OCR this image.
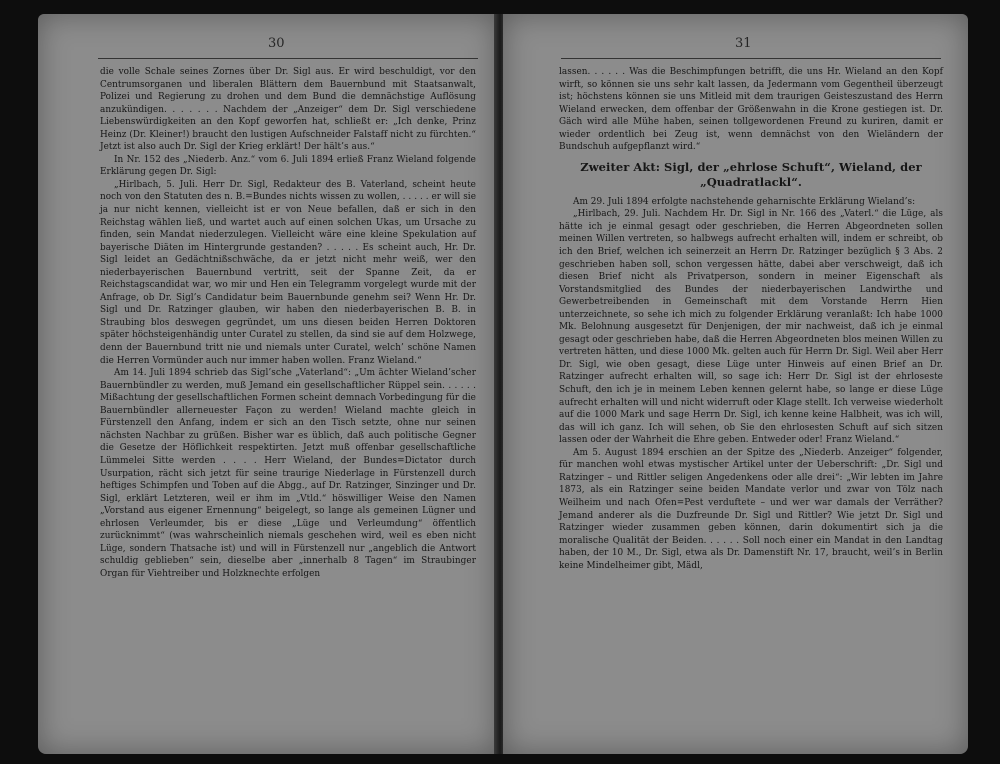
30

die volle Schale seines Zornes über Dr. Sigl aus. Er wird beschuldigt, vor den Centrumsorganen und liberalen Blättern dem Bauernbund mit Staatsanwalt, Polizei und Regierung zu drohen und dem Bund die demnächstige Auflösung anzukündigen. . . . . . . Nachdem der „Anzeiger“ dem Dr. Sigl verschiedene Liebenswürdigkeiten an den Kopf geworfen hat, schließt er: „Ich denke, Prinz Heinz (Dr. Kleiner!) braucht den lustigen Aufschneider Falstaff nicht zu fürchten.“ Jetzt ist also auch Dr. Sigl der Krieg erklärt! Der hält’s aus.“

In Nr. 152 des „Niederb. Anz.“ vom 6. Juli 1894 erließ Franz Wieland folgende Erklärung gegen Dr. Sigl:

„Hirlbach, 5. Juli. Herr Dr. Sigl, Redakteur des B. Vaterland, scheint heute noch von den Statuten des n. B.=Bundes nichts wissen zu wollen, . . . . . er will sie ja nur nicht kennen, vielleicht ist er von Neue befallen, daß er sich in den Reichstag wählen ließ, und wartet auch auf einen solchen Ukas, um Ursache zu finden, sein Mandat niederzulegen. Vielleicht wäre eine kleine Spekulation auf bayerische Diäten im Hintergrunde gestanden? . . . . . Es scheint auch, Hr. Dr. Sigl leidet an Gedächtnißschwäche, da er jetzt nicht mehr weiß, wer den niederbayerischen Bauernbund vertritt, seit der Spanne Zeit, da er Reichstagscandidat war, wo mir und Hen ein Telegramm vorgelegt wurde mit der Anfrage, ob Dr. Sigl’s Candidatur beim Bauernbunde genehm sei? Wenn Hr. Dr. Sigl und Dr. Ratzinger glauben, wir haben den niederbayerischen B. B. in Straubing blos deswegen gegründet, um uns diesen beiden Herren Doktoren später höchsteigenhändig unter Curatel zu stellen, da sind sie auf dem Holzwege, denn der Bauernbund tritt nie und niemals unter Curatel, welch’ schöne Namen die Herren Vormünder auch nur immer haben wollen. Franz Wieland.“

Am 14. Juli 1894 schrieb das Sigl’sche „Vaterland“: „Um ächter Wieland’scher Bauernbündler zu werden, muß Jemand ein gesellschaftlicher Rüppel sein. . . . . . Mißachtung der gesellschaftlichen Formen scheint demnach Vorbedingung für die Bauernbündler allerneuester Façon zu werden! Wieland machte gleich in Fürstenzell den Anfang, indem er sich an den Tisch setzte, ohne nur seinen nächsten Nachbar zu grüßen. Bisher war es üblich, daß auch politische Gegner die Gesetze der Höflichkeit respektirten. Jetzt muß offenbar gesellschaftliche Lümmelei Sitte werden . . . . Herr Wieland, der Bundes=Dictator durch Usurpation, rächt sich jetzt für seine traurige Niederlage in Fürstenzell durch heftiges Schimpfen und Toben auf die Abgg., auf Dr. Ratzinger, Sinzinger und Dr. Sigl, erklärt Letzteren, weil er ihm im „Vtld.“ höswilliger Weise den Namen „Vorstand aus eigener Ernennung“ beigelegt, so lange als gemeinen Lügner und ehrlosen Verleumder, bis er diese „Lüge und Verleumdung“ öffentlich zurücknimmt“ (was wahrscheinlich niemals geschehen wird, weil es eben nicht Lüge, sondern Thatsache ist) und will in Fürstenzell nur „angeblich die Antwort schuldig geblieben“ sein, dieselbe aber „innerhalb 8 Tagen“ im Straubinger Organ für Viehtreiber und Holzknechte erfolgen

31

lassen. . . . . . Was die Beschimpfungen betrifft, die uns Hr. Wieland an den Kopf wirft, so können sie uns sehr kalt lassen, da Jedermann vom Gegentheil überzeugt ist; höchstens können sie uns Mitleid mit dem traurigen Geisteszustand des Herrn Wieland erwecken, dem offenbar der Größenwahn in die Krone gestiegen ist. Dr. Gäch wird alle Mühe haben, seinen tollgewordenen Freund zu kuriren, damit er wieder ordentlich bei Zeug ist, wenn demnächst von den Wieländern der Bundschuh aufgepflanzt wird.“

Zweiter Akt: Sigl, der „ehrlose Schuft“, Wieland, der „Quadratlackl“.

Am 29. Juli 1894 erfolgte nachstehende geharnischte Erklärung Wieland’s:

„Hirlbach, 29. Juli. Nachdem Hr. Dr. Sigl in Nr. 166 des „Vaterl.“ die Lüge, als hätte ich je einmal gesagt oder geschrieben, die Herren Abgeordneten sollen meinen Willen vertreten, so halbwegs aufrecht erhalten will, indem er schreibt, ob ich den Brief, welchen ich seinerzeit an Herrn Dr. Ratzinger bezüglich § 3 Abs. 2 geschrieben haben soll, schon vergessen hätte, dabei aber verschweigt, daß ich diesen Brief nicht als Privatperson, sondern in meiner Eigenschaft als Vorstandsmitglied des Bundes der niederbayerischen Landwirthe und Gewerbetreibenden in Gemeinschaft mit dem Vorstande Herrn Hien unterzeichnete, so sehe ich mich zu folgender Erklärung veranlaßt: Ich habe 1000 Mk. Belohnung ausgesetzt für Denjenigen, der mir nachweist, daß ich je einmal gesagt oder geschrieben habe, daß die Herren Abgeordneten blos meinen Willen zu vertreten hätten, und diese 1000 Mk. gelten auch für Herrn Dr. Sigl. Weil aber Herr Dr. Sigl, wie oben gesagt, diese Lüge unter Hinweis auf einen Brief an Dr. Ratzinger aufrecht erhalten will, so sage ich: Herr Dr. Sigl ist der ehrloseste Schuft, den ich je in meinem Leben kennen gelernt habe, so lange er diese Lüge aufrecht erhalten will und nicht widerruft oder Klage stellt. Ich verweise wiederholt auf die 1000 Mark und sage Herrn Dr. Sigl, ich kenne keine Halbheit, was ich will, das will ich ganz. Ich will sehen, ob Sie den ehrlosesten Schuft auf sich sitzen lassen oder der Wahrheit die Ehre geben. Entweder oder! Franz Wieland.“

Am 5. August 1894 erschien an der Spitze des „Niederb. Anzeiger“ folgender, für manchen wohl etwas mystischer Artikel unter der Ueberschrift: „Dr. Sigl und Ratzinger – und Rittler seligen Angedenkens oder alle drei“: „Wir lebten im Jahre 1873, als ein Ratzinger seine beiden Mandate verlor und zwar von Tölz nach Weilheim und nach Ofen=Pest verduftete – und wer war damals der Verräther? Jemand anderer als die Duzfreunde Dr. Sigl und Rittler? Wie jetzt Dr. Sigl und Ratzinger wieder zusammen geben können, darin dokumentirt sich ja die moralische Qualität der Beiden. . . . . . Soll noch einer ein Mandat in den Landtag haben, der 10 M., Dr. Sigl, etwa als Dr. Damenstift Nr. 17, braucht, weil’s in Berlin keine Mindelheimer gibt, Mädl,
